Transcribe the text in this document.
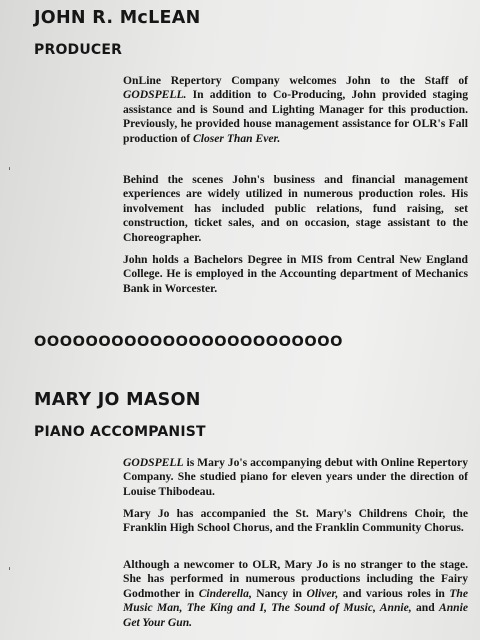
JOHN R. McLEAN
PRODUCER

OnLine Repertory Company welcomes John to the Staff of GODSPELL. In addition to Co-Producing, John provided staging assistance and is Sound and Lighting Manager for this production. Previously, he provided house management assistance for OLR's Fall production of Closer Than Ever.

Behind the scenes John's business and financial management experiences are widely utilized in numerous production roles. His involvement has included public relations, fund raising, set construction, ticket sales, and on occasion, stage assistant to the Choreographer.

John holds a Bachelors Degree in MIS from Central New England College. He is employed in the Accounting department of Mechanics Bank in Worcester.

OOOOOOOOOOOOOOOOOOOOOOOO
MARY JO MASON
PIANO ACCOMPANIST

GODSPELL is Mary Jo's accompanying debut with Online Repertory Company. She studied piano for eleven years under the direction of Louise Thibodeau.

Mary Jo has accompanied the St. Mary's Childrens Choir, the Franklin High School Chorus, and the Franklin Community Chorus.

Although a newcomer to OLR, Mary Jo is no stranger to the stage. She has performed in numerous productions including the Fairy Godmother in Cinderella, Nancy in Oliver, and various roles in The Music Man, The King and I, The Sound of Music, Annie, and Annie Get Your Gun.

ˈ
ˈ
